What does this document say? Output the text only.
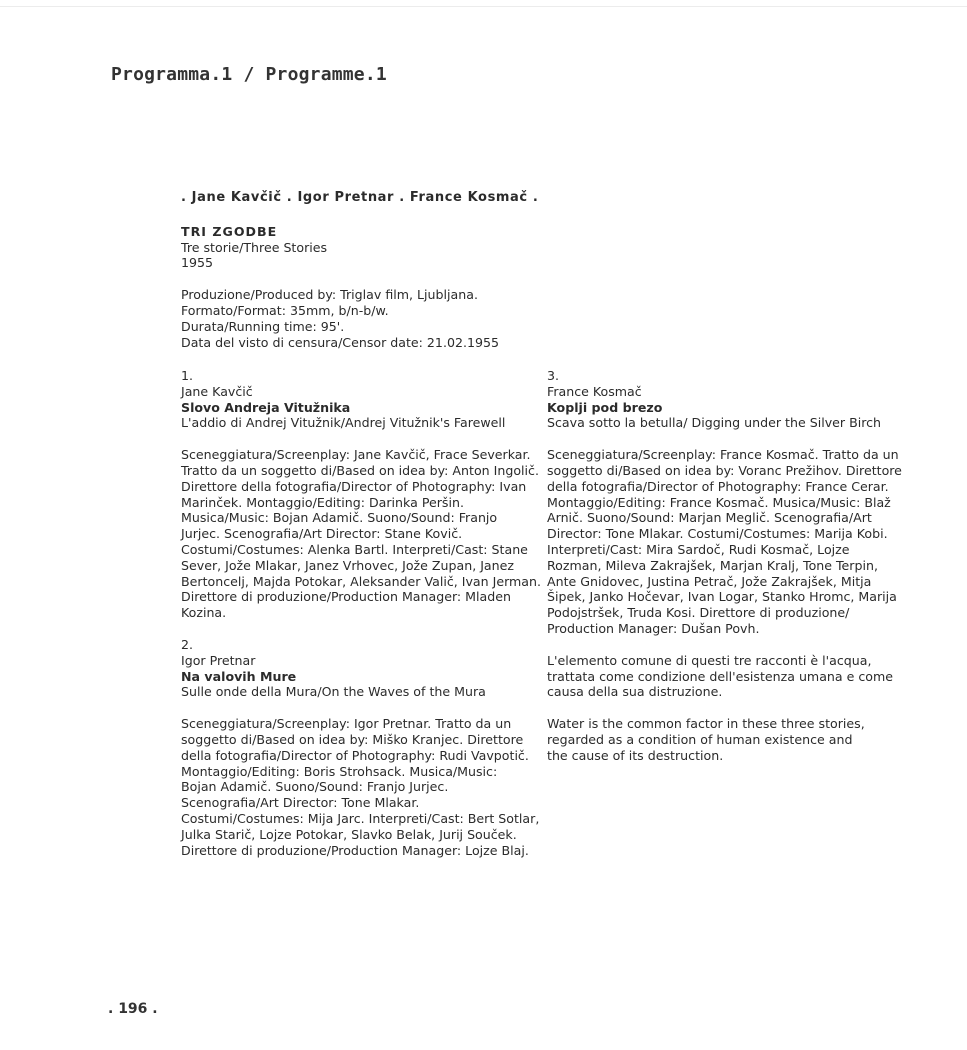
Programma.1 / Programme.1
. Jane Kavčič . Igor Pretnar . France Kosmač .
TRI ZGODBE
Tre storie/Three Stories
1955
Produzione/Produced by: Triglav film, Ljubljana.
Formato/Format: 35mm, b/n-b/w.
Durata/Running time: 95'.
Data del visto di censura/Censor date: 21.02.1955
1.
Jane Kavčič
Slovo Andreja Vitužnika
L'addio di Andrej Vitužnik/Andrej Vitužnik's Farewell

Sceneggiatura/Screenplay: Jane Kavčič, Frace Severkar.
Tratto da un soggetto di/Based on idea by: Anton Ingolič.
Direttore della fotografia/Director of Photography: Ivan
Marinček. Montaggio/Editing: Darinka Peršin.
Musica/Music: Bojan Adamič. Suono/Sound: Franjo
Jurjec. Scenografia/Art Director: Stane Kovič.
Costumi/Costumes: Alenka Bartl. Interpreti/Cast: Stane
Sever, Jože Mlakar, Janez Vrhovec, Jože Zupan, Janez
Bertoncelj, Majda Potokar, Aleksander Valič, Ivan Jerman.
Direttore di produzione/Production Manager: Mladen
Kozina.

2.
Igor Pretnar
Na valovih Mure
Sulle onde della Mura/On the Waves of the Mura

Sceneggiatura/Screenplay: Igor Pretnar. Tratto da un
soggetto di/Based on idea by: Miško Kranjec. Direttore
della fotografia/Director of Photography: Rudi Vavpotič.
Montaggio/Editing: Boris Strohsack. Musica/Music:
Bojan Adamič. Suono/Sound: Franjo Jurjec.
Scenografia/Art Director: Tone Mlakar.
Costumi/Costumes: Mija Jarc. Interpreti/Cast: Bert Sotlar,
Julka Starič, Lojze Potokar, Slavko Belak, Jurij Souček.
Direttore di produzione/Production Manager: Lojze Blaj.

3.
France Kosmač
Koplji pod brezo
Scava sotto la betulla/ Digging under the Silver Birch

Sceneggiatura/Screenplay: France Kosmač. Tratto da un
soggetto di/Based on idea by: Voranc Prežihov. Direttore
della fotografia/Director of Photography: France Cerar.
Montaggio/Editing: France Kosmač. Musica/Music: Blaž
Arnič. Suono/Sound: Marjan Meglič. Scenografia/Art
Director: Tone Mlakar. Costumi/Costumes: Marija Kobi.
Interpreti/Cast: Mira Sardoč, Rudi Kosmač, Lojze
Rozman, Mileva Zakrajšek, Marjan Kralj, Tone Terpin,
Ante Gnidovec, Justina Petrač, Jože Zakrajšek, Mitja
Šipek, Janko Hočevar, Ivan Logar, Stanko Hromc, Marija
Podojstršek, Truda Kosi. Direttore di produzione/
Production Manager: Dušan Povh.

L'elemento comune di questi tre racconti è l'acqua,
trattata come condizione dell'esistenza umana e come
causa della sua distruzione.

Water is the common factor in these three stories,
regarded as a condition of human existence and
the cause of its destruction.

. 196 .
